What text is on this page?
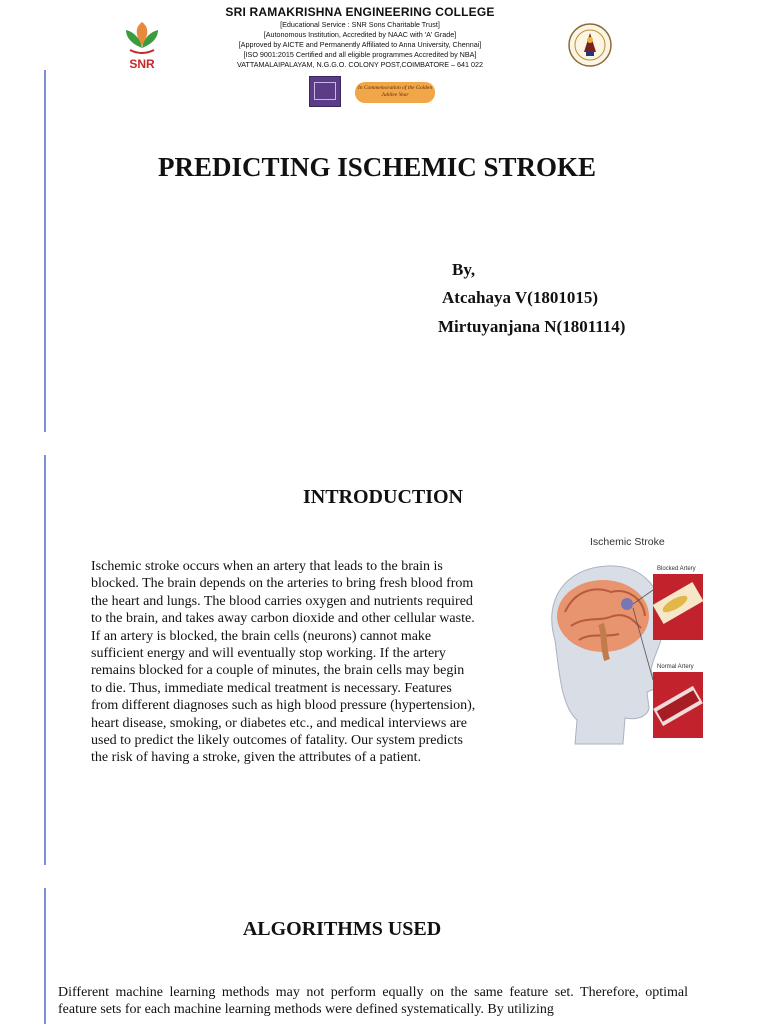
SNR
SRI RAMAKRISHNA ENGINEERING COLLEGE
[Educational Service : SNR Sons Charitable Trust]
[Autonomous Institution, Accredited by NAAC with 'A' Grade]
[Approved by AICTE and Permanently Affiliated to Anna University, Chennai]
[ISO 9001:2015 Certified and all eligible programmes Accredited by NBA]
VATTAMALAIPALAYAM, N.G.G.O. COLONY POST,COIMBATORE – 641 022
In Commemoration of the Golden Jubilee Year
PREDICTING ISCHEMIC STROKE
By,
Atcahaya V(1801015)
Mirtuyanjana N(1801114)
INTRODUCTION
Ischemic stroke occurs when an artery that leads to the brain is blocked. The brain depends on the arteries to bring fresh blood from the heart and lungs. The blood carries oxygen and nutrients required to the brain, and takes away carbon dioxide and other cellular waste. If an artery is blocked, the brain cells (neurons) cannot make sufficient energy and will eventually stop working. If the artery remains blocked for a couple of minutes, the brain cells may begin to die. Thus, immediate medical treatment is necessary. Features from different diagnoses such as high blood pressure (hypertension), heart disease, smoking, or diabetes etc., and medical interviews are used to predict the likely outcomes of fatality. Our system predicts the risk of having a stroke, given the attributes of a patient.
Ischemic Stroke
Blocked Artery
Normal Artery
ALGORITHMS USED
Different machine learning methods may not perform equally on the same feature set. Therefore, optimal feature sets for each machine learning methods were defined systematically. By utilizing
